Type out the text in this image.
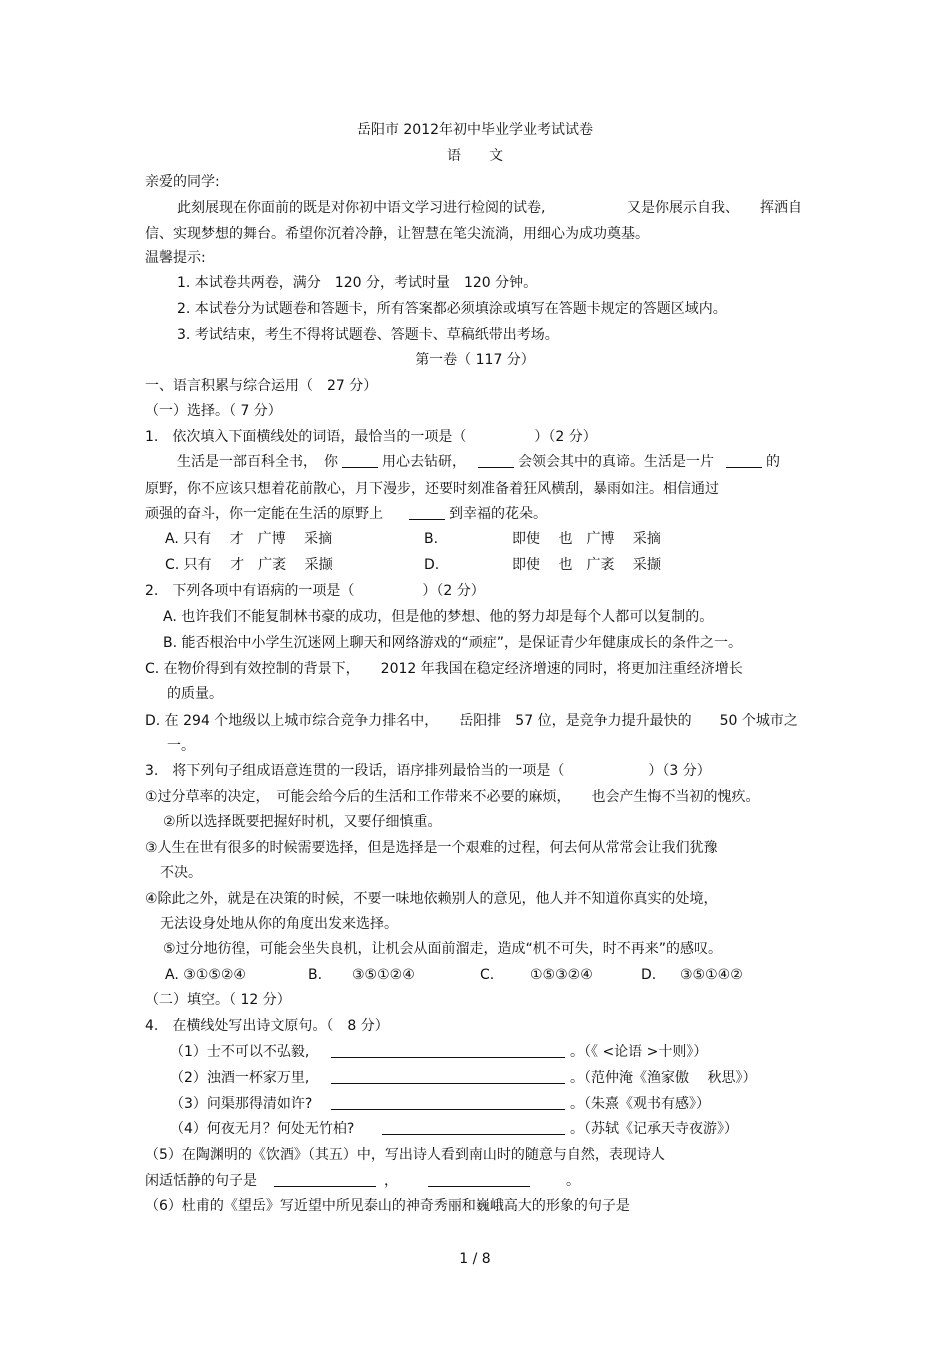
岳阳市 2012年初中毕业学业考试试卷
语　　文
亲爱的同学:
此刻展现在你面前的既是对你初中语文学习进行检阅的试卷,	又是你展示自我、 挥洒自
信、实现梦想的舞台。希望你沉着冷静，让智慧在笔尖流淌，用细心为成功奠基。
温馨提示:
1. 本试卷共两卷，满分　120 分，考试时量　120 分钟。
2. 本试卷分为试题卷和答题卡，所有答案都必须填涂或填写在答题卡规定的答题区域内。
3. 考试结束，考生不得将试题卷、答题卡、草稿纸带出考场。
第一卷（ 117 分）
一、语言积累与综合运用（　27 分）
（一）选择。（ 7 分）
1.　依次填入下面横线处的词语，最恰当的一项是（	）（2 分）
生活是一部百科全书，　你	用心去钻研，	会领会其中的真谛。生活是一片	的
原野，你不应该只想着花前散心，月下漫步，还要时刻准备着狂风横刮，暴雨如注。相信通过
顽强的奋斗，你一定能在生活的原野上	到幸福的花朵。
A. 只有　 才　广博　 采摘	B.	即使　 也　广博　 采摘
C. 只有　 才　广袤　 采撷	D.	即使　 也　广袤　 采撷
2.　下列各项中有语病的一项是（	）（2 分）
A. 也许我们不能复制林书豪的成功，但是他的梦想、他的努力却是每个人都可以复制的。
B. 能否根治中小学生沉迷网上聊天和网络游戏的“顽症”，是保证青少年健康成长的条件之一。
C. 在物价得到有效控制的背景下，　　2012 年我国在稳定经济增速的同时，将更加注重经济增长
的质量。
D. 在 294 个地级以上城市综合竞争力排名中，　　岳阳排　57 位，是竞争力提升最快的　　50 个城市之
一。
3.　将下列句子组成语意连贯的一段话，语序排列最恰当的一项是（	）（3 分）
①过分草率的决定，　可能会给今后的生活和工作带来不必要的麻烦，　　也会产生悔不当初的愧疚。
②所以选择既要把握好时机，又要仔细慎重。
③人生在世有很多的时候需要选择，但是选择是一个艰难的过程，何去何从常常会让我们犹豫
不决。
④除此之外，就是在决策的时候，不要一味地依赖别人的意见，他人并不知道你真实的处境，
无法设身处地从你的角度出发来选择。
⑤过分地彷徨，可能会坐失良机，让机会从面前溜走，造成“机不可失，时不再来”的感叹。
A. ③①⑤②④	B. ③⑤①②④	C.	①⑤③②④	D. ③⑤①④②
（二）填空。（ 12 分）
4.　在横线处写出诗文原句。（　8 分）
（1）士不可以不弘毅,	。（《 <论语 >十则》）
（2）浊酒一杯家万里,	。（范仲淹《渔家傲　 秋思》）
（3）问渠那得清如许?	。（朱熹《观书有感》）
（4）何夜无月？何处无竹柏?	。（苏轼《记承天寺夜游》）
（5）在陶渊明的《饮酒》（其五）中，写出诗人看到南山时的随意与自然，表现诗人
闲适恬静的句子是	，	。
（6）杜甫的《望岳》写近望中所见泰山的神奇秀丽和巍峨高大的形象的句子是
1 / 8
